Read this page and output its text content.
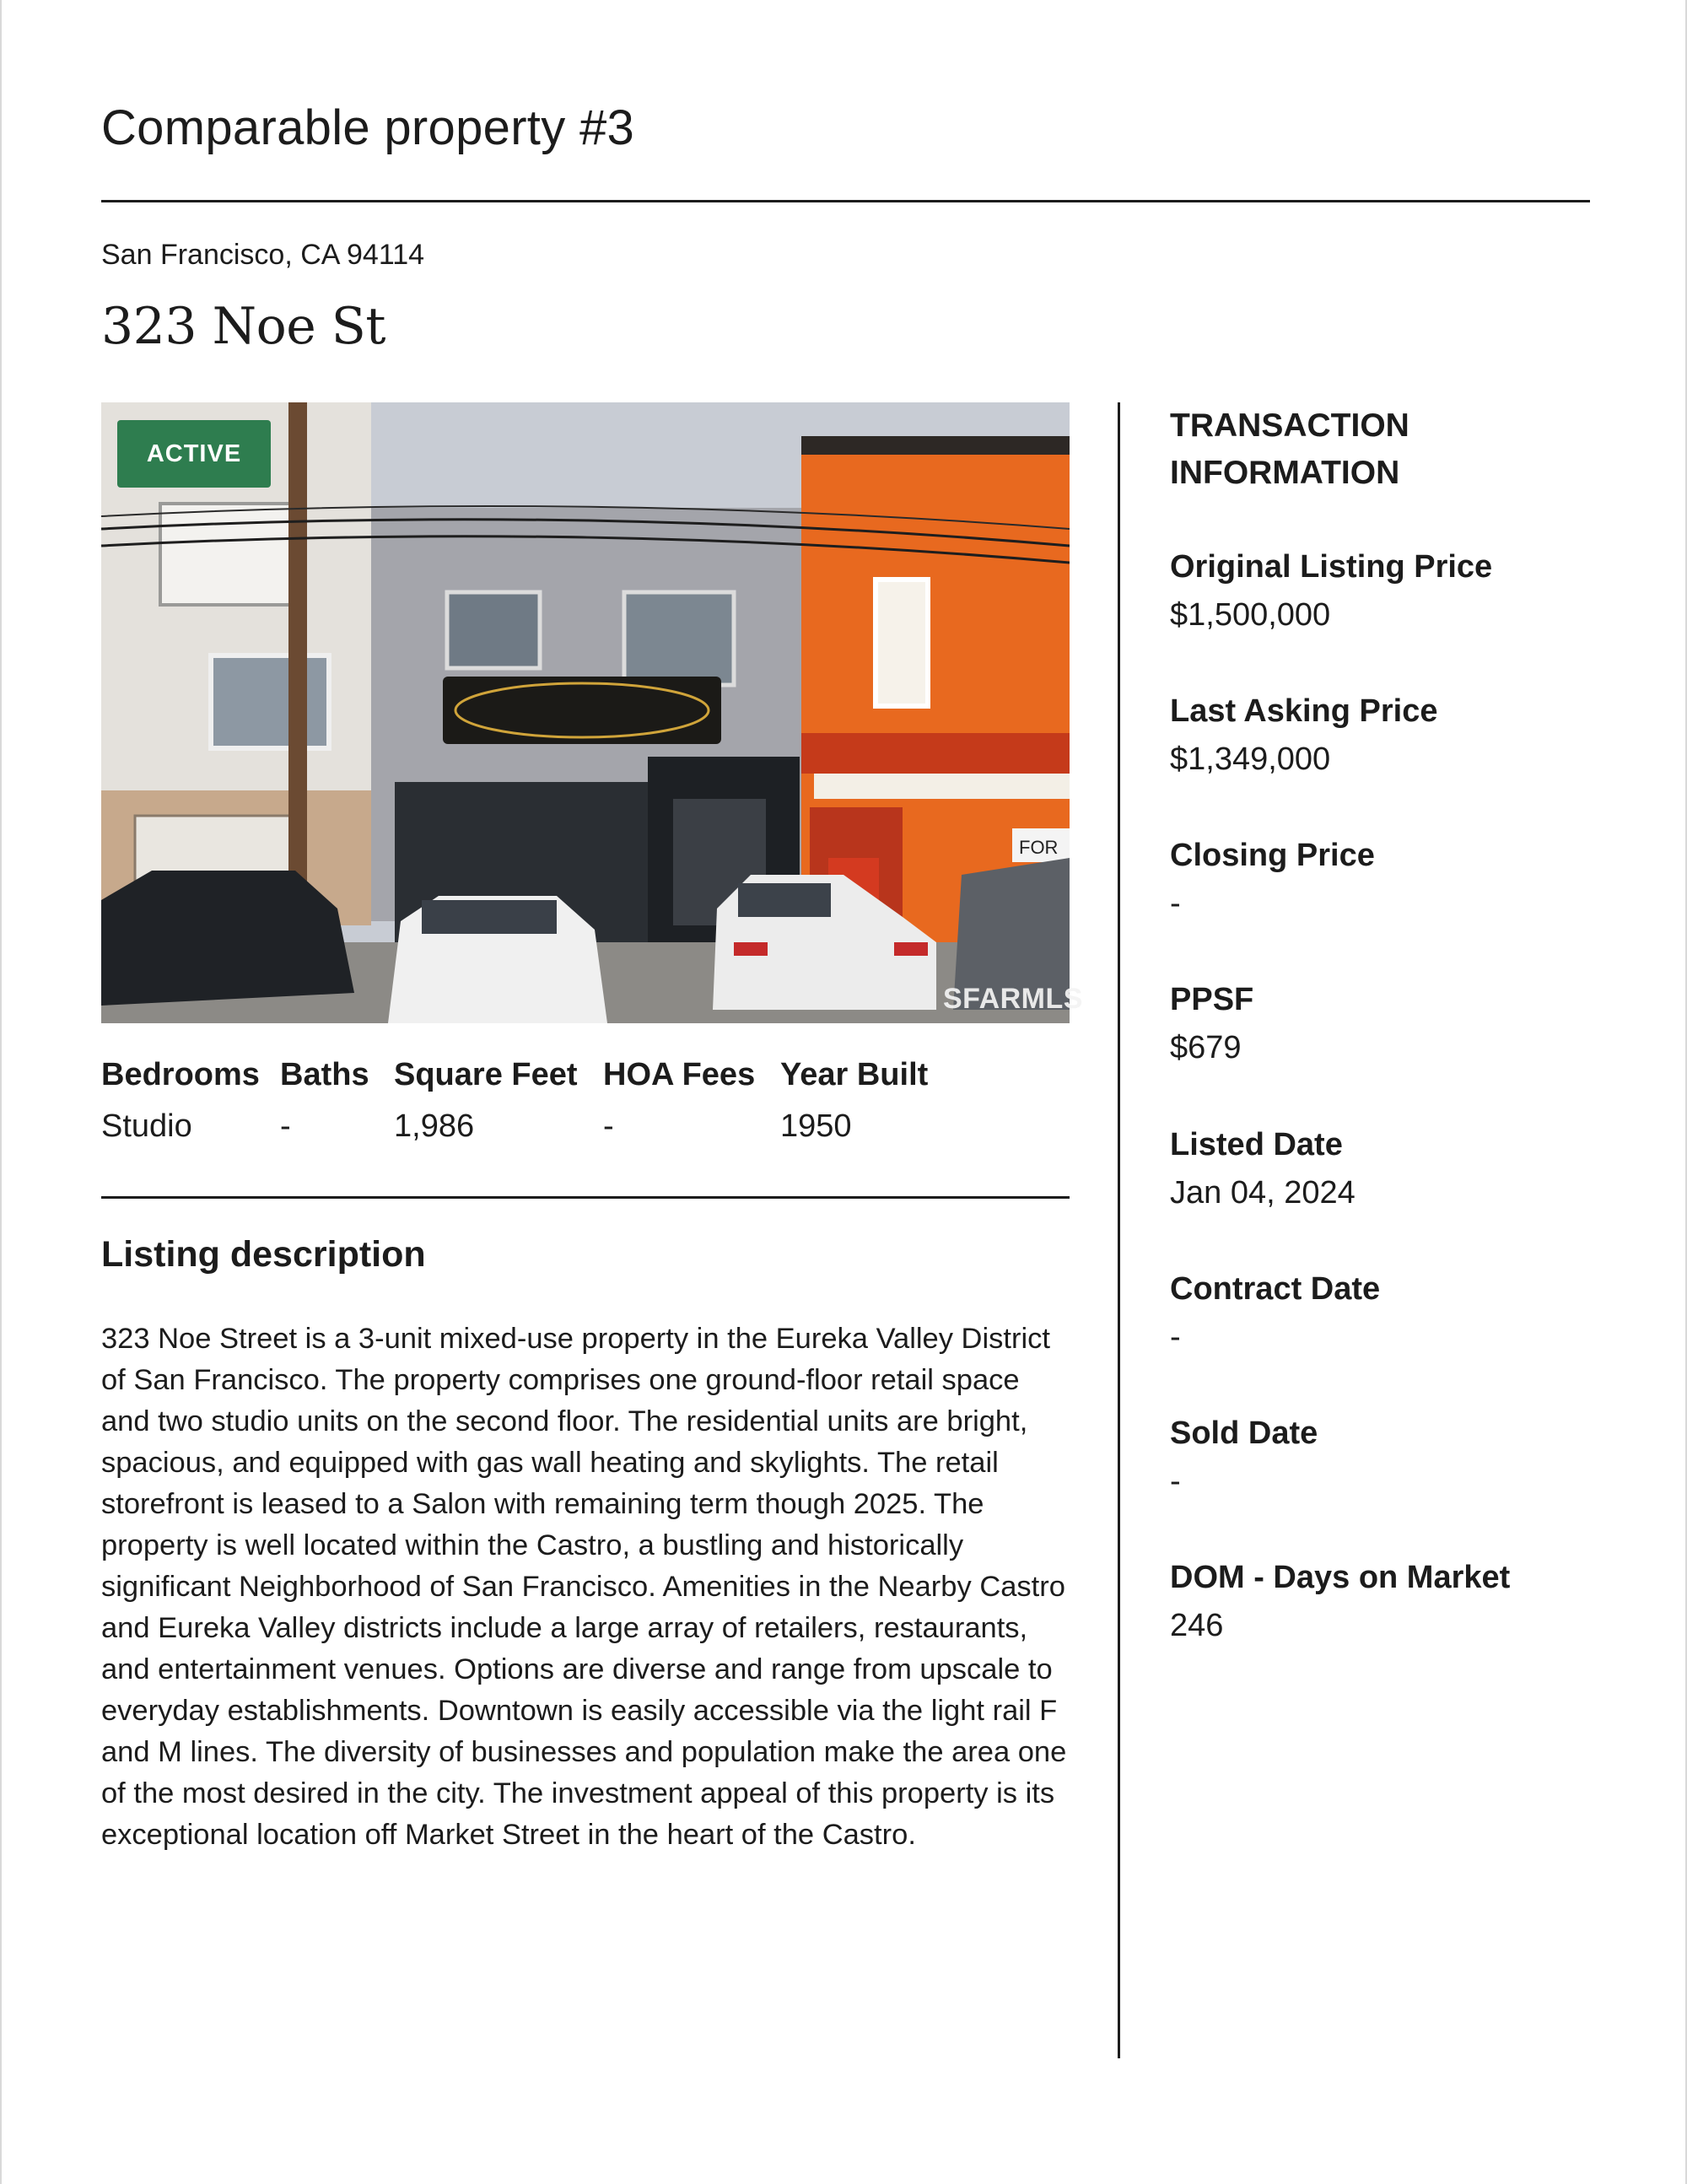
Comparable property #3
San Francisco, CA 94114
323 Noe St
FOR
ACTIVE
SFARMLS
Bedrooms
Studio
Baths
-
Square Feet
1,986
HOA Fees
-
Year Built
1950
Listing description
323 Noe Street is a 3-unit mixed-use property in the Eureka Valley District of San Francisco. The property comprises one ground-floor retail space and two studio units on the second floor. The residential units are bright, spacious, and equipped with gas wall heating and skylights. The retail storefront is leased to a Salon with remaining term though 2025. The property is well located within the Castro, a bustling and historically significant Neighborhood of San Francisco. Amenities in the Nearby Castro and Eureka Valley districts include a large array of retailers, restaurants, and entertainment venues. Options are diverse and range from upscale to everyday establishments. Downtown is easily accessible via the light rail F and M lines. The diversity of businesses and population make the area one of the most desired in the city. The investment appeal of this property is its exceptional location off Market Street in the heart of the Castro.
TRANSACTION INFORMATION
Original Listing Price
$1,500,000
Last Asking Price
$1,349,000
Closing Price
-
PPSF
$679
Listed Date
Jan 04, 2024
Contract Date
-
Sold Date
-
DOM - Days on Market
246
